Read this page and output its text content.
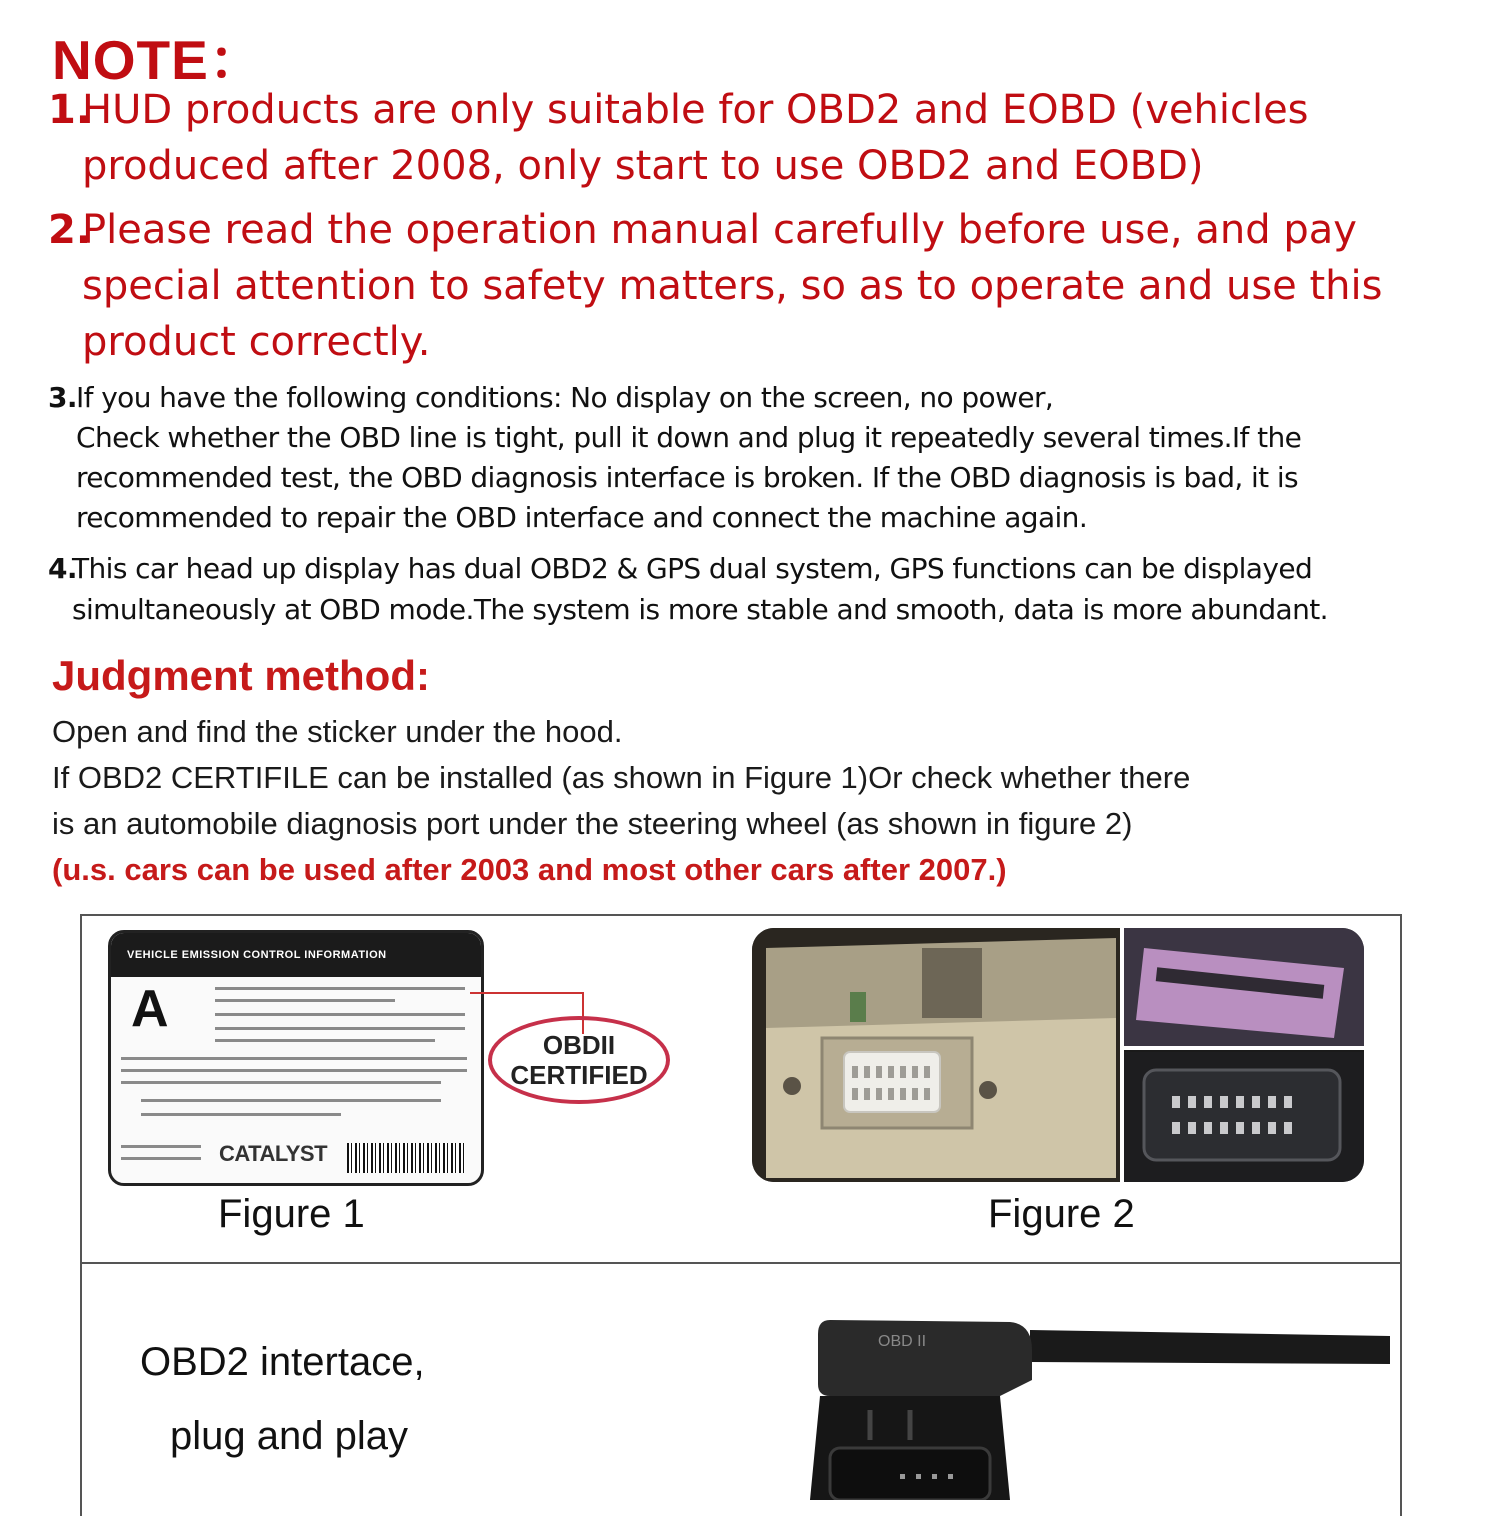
NOTE：
1.
HUD products are only suitable for OBD2 and EOBD (vehicles
produced after 2008, only start to use OBD2 and EOBD)
2.
Please read the operation manual carefully before use, and pay
special attention to safety matters, so as to operate and use this
product correctly.
3. If you have the following conditions: No display on the screen, no power,
Check whether the OBD line is tight, pull it down and plug it repeatedly several times.If the
recommended test, the OBD diagnosis interface is broken. If the OBD diagnosis is bad, it is
recommended to repair the OBD interface and connect the machine again.
4.
This car head up display has dual OBD2 & GPS dual system, GPS functions can be displayed
simultaneously at OBD mode.The system is more stable and smooth, data is more abundant.
Judgment method:
Open and find the sticker under the hood.
If OBD2 CERTIFILE can be installed (as shown in Figure 1)Or check whether there
is an automobile diagnosis port under the steering wheel (as shown in figure 2)
(u.s. cars can be used after 2003 and most other cars after 2007.)
VEHICLE EMISSION CONTROL INFORMATION
A
CATALYST
OBDII
CERTIFIED
Figure 1	Figure 2
OBD2 intertace,
plug and play
OBD II
